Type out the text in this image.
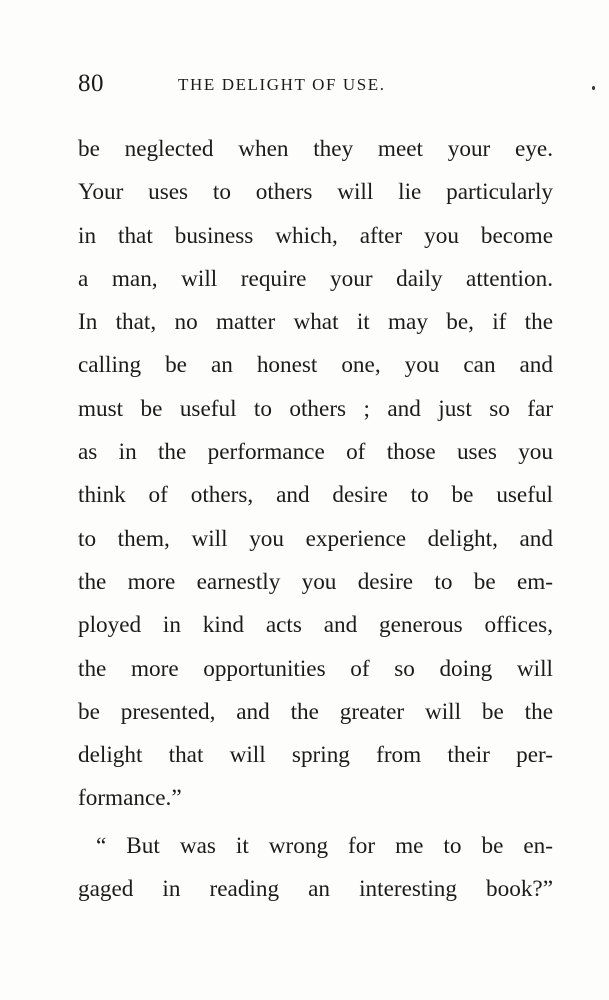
80	THE DELIGHT OF USE.
be neglected when they meet your eye.
Your uses to others will lie particularly
in that business which, after you become
a man, will require your daily attention.
In that, no matter what it may be, if the
calling be an honest one, you can and
must be useful to others ; and just so far
as in the performance of those uses you
think of others, and desire to be useful
to them, will you experience delight, and
the more earnestly you desire to be em-
ployed in kind acts and generous offices,
the more opportunities of so doing will
be presented, and the greater will be the
delight that will spring from their per-
formance.”
“ But was it wrong for me to be en-
gaged in reading an interesting book?”
